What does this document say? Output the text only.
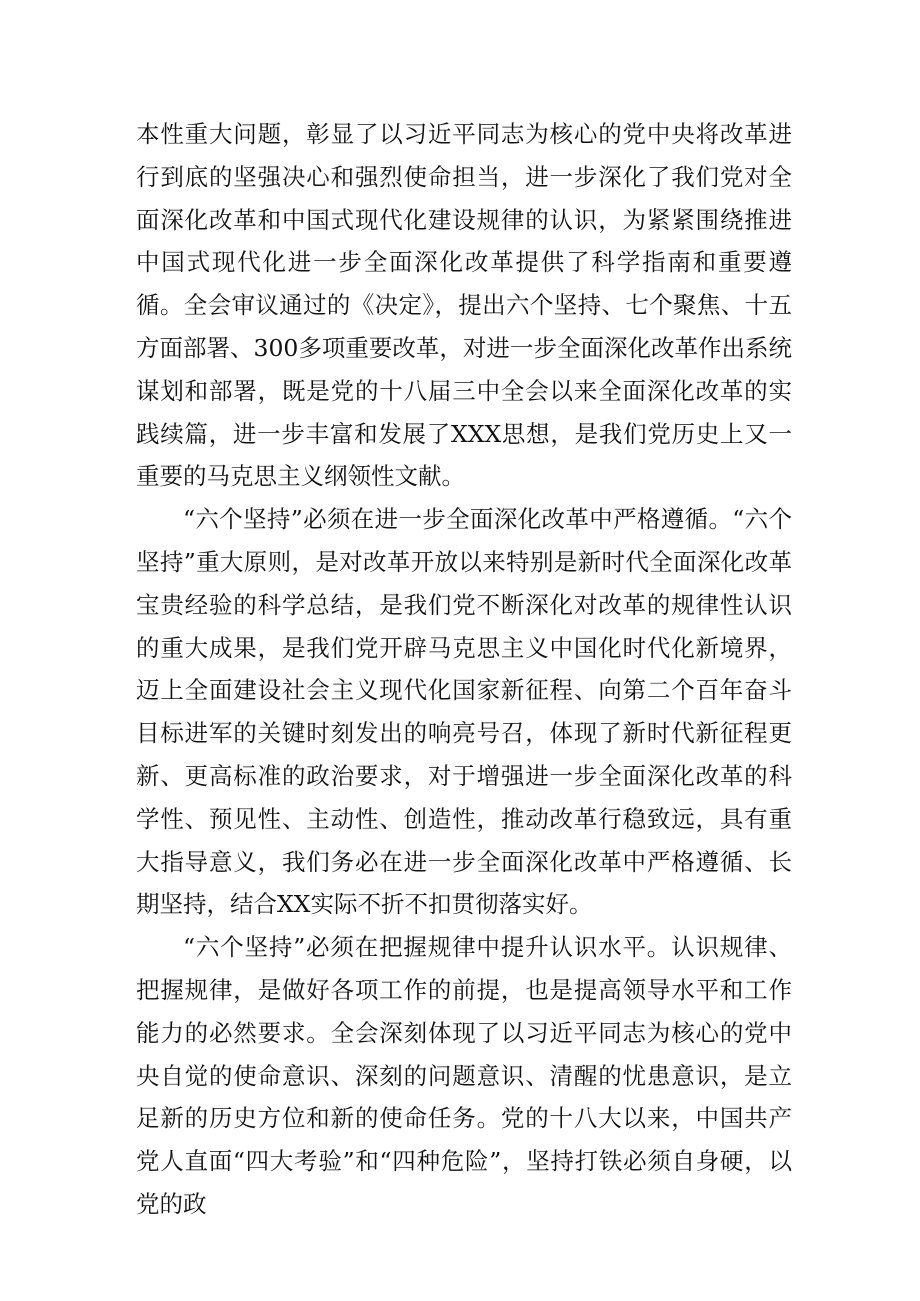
本性重大问题，彰显了以习近平同志为核心的党中央将改革进行到底的坚强决心和强烈使命担当，进一步深化了我们党对全面深化改革和中国式现代化建设规律的认识，为紧紧围绕推进中国式现代化进一步全面深化改革提供了科学指南和重要遵循。全会审议通过的《决定》，提出六个坚持、七个聚焦、十五方面部署、300多项重要改革，对进一步全面深化改革作出系统谋划和部署，既是党的十八届三中全会以来全面深化改革的实践续篇，进一步丰富和发展了XXX思想，是我们党历史上又一重要的马克思主义纲领性文献。

“六个坚持”必须在进一步全面深化改革中严格遵循。“六个坚持”重大原则，是对改革开放以来特别是新时代全面深化改革宝贵经验的科学总结，是我们党不断深化对改革的规律性认识的重大成果，是我们党开辟马克思主义中国化时代化新境界，迈上全面建设社会主义现代化国家新征程、向第二个百年奋斗目标进军的关键时刻发出的响亮号召，体现了新时代新征程更新、更高标准的政治要求，对于增强进一步全面深化改革的科学性、预见性、主动性、创造性，推动改革行稳致远，具有重大指导意义，我们务必在进一步全面深化改革中严格遵循、长期坚持，结合XX实际不折不扣贯彻落实好。

“六个坚持”必须在把握规律中提升认识水平。认识规律、把握规律，是做好各项工作的前提，也是提高领导水平和工作能力的必然要求。全会深刻体现了以习近平同志为核心的党中央自觉的使命意识、深刻的问题意识、清醒的忧患意识，是立足新的历史方位和新的使命任务。党的十八大以来，中国共产党人直面“四大考验”和“四种危险”，坚持打铁必须自身硬，以党的政
